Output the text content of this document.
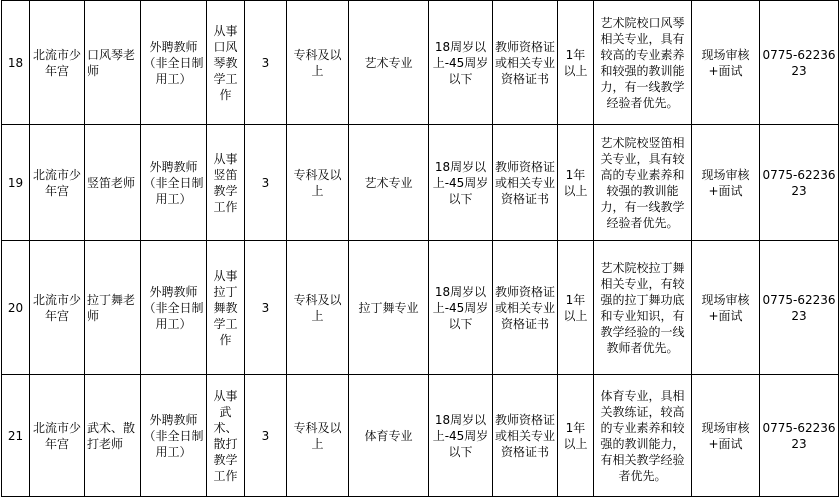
18	北流市少年宫	口风琴老师	外聘教师（非全日制用工）	从事口风琴教学工作	3	专科及以上	艺术专业	18周岁以上-45周岁以下	教师资格证或相关专业资格证书	1年以上	艺术院校口风琴相关专业，具有较高的专业素养和较强的教训能力，有一线教学经验者优先。	现场审核+面试	0775-6223623
19	北流市少年宫	竖笛老师	外聘教师（非全日制用工）	从事竖笛教学工作	3	专科及以上	艺术专业	18周岁以上-45周岁以下	教师资格证或相关专业资格证书	1年以上	艺术院校竖笛相关专业，具有较高的专业素养和较强的教训能力，有一线教学经验者优先。	现场审核+面试	0775-6223623
20	北流市少年宫	拉丁舞老师	外聘教师（非全日制用工）	从事拉丁舞教学工作	3	专科及以上	拉丁舞专业	18周岁以上-45周岁以下	教师资格证或相关专业资格证书	1年以上	艺术院校拉丁舞相关专业，有较强的拉丁舞功底和专业知识，有教学经验的一线教师者优先。	现场审核+面试	0775-6223623
21	北流市少年宫	武术、散打老师	外聘教师（非全日制用工）	从事武术、散打教学工作	3	专科及以上	体育专业	18周岁以上-45周岁以下	教师资格证或相关专业资格证书	1年以上	体育专业，具相关教练证，较高的专业素养和较强的教训能力，有相关教学经验者优先。	现场审核+面试	0775-6223623
